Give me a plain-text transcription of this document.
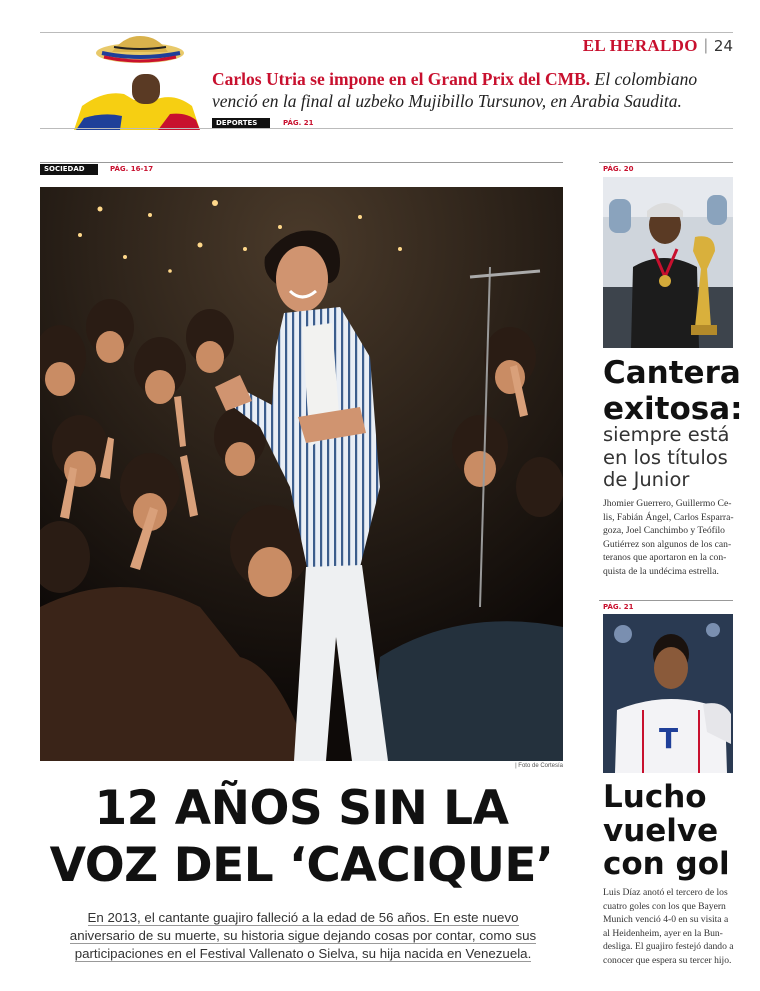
EL HERALDO | 24
Carlos Utria se impone en el Grand Prix del CMB. El colombiano venció en la final al uzbeko Mujibillo Tursunov, en Arabia Saudita.
DEPORTES	PÁG. 21
SOCIEDAD	PÁG. 16-17
| Foto de Cortesía
12 AÑOS SIN LA
VOZ DEL ‘CACIQUE’
En 2013, el cantante guajiro falleció a la edad de 56 años. En este nuevo
aniversario de su muerte, su historia sigue dejando cosas por contar, como sus
participaciones en el Festival Vallenato o Sielva, su hija nacida en Venezuela.
PÁG. 20
Cantera
exitosa:
siempre está
en los títulos
de Junior
Jhomier Guerrero, Guillermo Ce-
lis, Fabián Ángel, Carlos Esparra-
goza, Joel Canchimbo y Teófilo
Gutiérrez son algunos de los can-
teranos que aportaron en la con-
quista de la undécima estrella.
PÁG. 21
T
Lucho
vuelve
con gol
Luis Díaz anotó el tercero de los
cuatro goles con los que Bayern
Munich venció 4-0 en su visita a
al Heidenheim, ayer en la Bun-
desliga. El guajiro festejó dando a
conocer que espera su tercer hijo.
